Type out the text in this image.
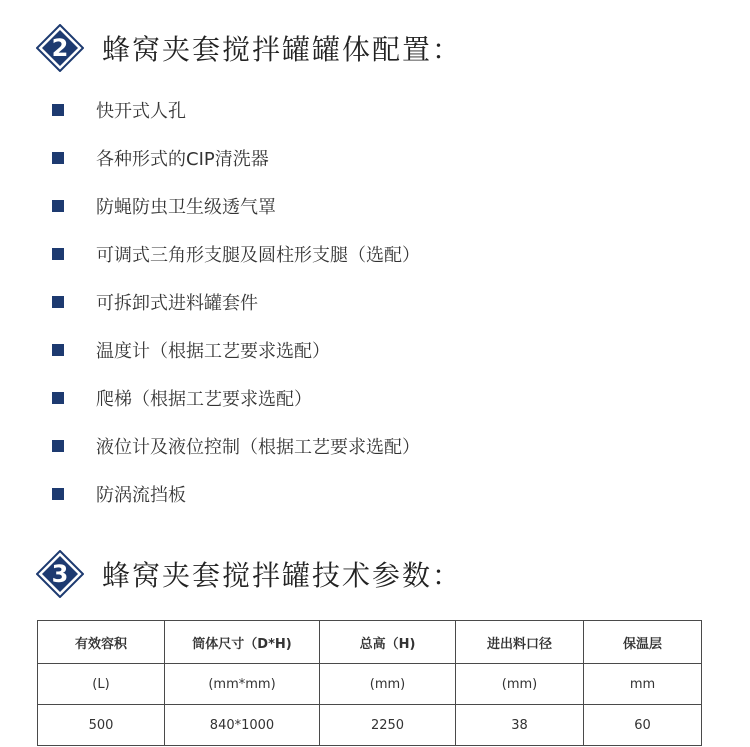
2	蜂窝夹套搅拌罐罐体配置：
快开式人孔
各种形式的CIP清洗器
防蝇防虫卫生级透气罩
可调式三角形支腿及圆柱形支腿（选配）
可拆卸式进料罐套件
温度计（根据工艺要求选配）
爬梯（根据工艺要求选配）
液位计及液位控制（根据工艺要求选配）
防涡流挡板
3	蜂窝夹套搅拌罐技术参数：
有效容积	筒体尺寸（D*H)	总高（H)	进出料口径	保温层
(L)	(mm*mm)	(mm)	(mm)	mm
500	840*1000	2250	38	60
